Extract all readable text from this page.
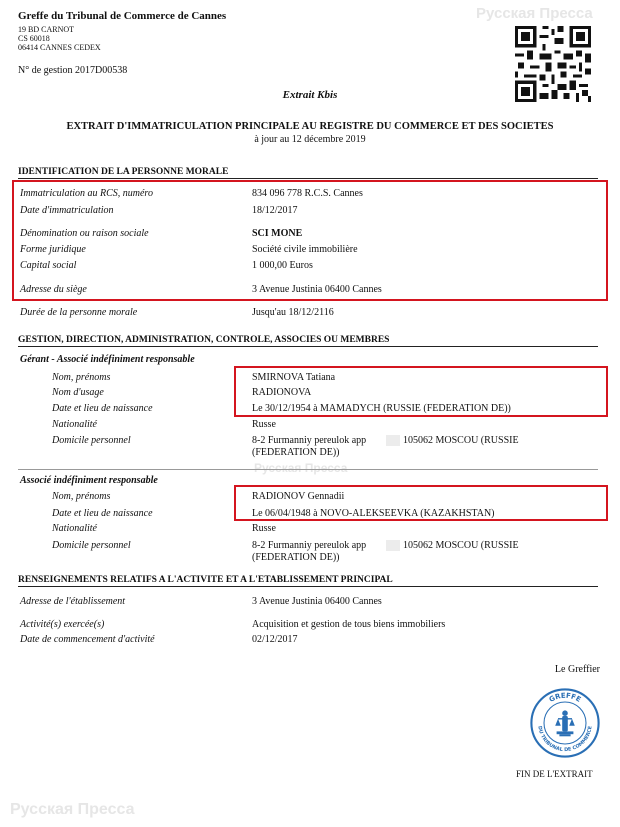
Greffe du Tribunal de Commerce de Cannes
19 BD CARNOT
CS 60018
06414 CANNES CEDEX
N° de gestion 2017D00538
Русская Пресса
Extrait Kbis
EXTRAIT D'IMMATRICULATION PRINCIPALE AU REGISTRE DU COMMERCE ET DES SOCIETES
à jour au 12 décembre 2019
IDENTIFICATION DE LA PERSONNE MORALE
Immatriculation au RCS, numéro	834 096 778 R.C.S. Cannes
Date d'immatriculation	18/12/2017
Dénomination ou raison sociale	SCI MONE
Forme juridique	Société civile immobilière
Capital social	1 000,00 Euros
Adresse du siège	3 Avenue Justinia 06400 Cannes
Durée de la personne morale	Jusqu'au 18/12/2116
GESTION, DIRECTION, ADMINISTRATION, CONTROLE, ASSOCIES OU MEMBRES
Gérant - Associé indéfiniment responsable
Nom, prénoms	SMIRNOVA Tatiana
Nom d'usage	RADIONOVA
Date et lieu de naissance	Le 30/12/1954 à MAMADYCH (RUSSIE (FEDERATION DE))
Nationalité	Russe
Domicile personnel	8-2 Furmanniy pereulok app	105062 MOSCOU (RUSSIE
(FEDERATION DE))
Русская Пресса
Associé indéfiniment responsable
Nom, prénoms	RADIONOV Gennadii
Date et lieu de naissance	Le 06/04/1948 à NOVO-ALEKSEEVKA (KAZAKHSTAN)
Nationalité	Russe
Domicile personnel	8-2 Furmanniy pereulok app	105062 MOSCOU (RUSSIE
(FEDERATION DE))
RENSEIGNEMENTS RELATIFS A L'ACTIVITE ET A L'ETABLISSEMENT PRINCIPAL
Adresse de l'établissement	3 Avenue Justinia 06400 Cannes
Activité(s) exercée(s)	Acquisition et gestion de tous biens immobiliers
Date de commencement d'activité	02/12/2017
Le Greffier
GREFFE
DU TRIBUNAL DE COMMERCE
FIN DE L'EXTRAIT
Русская Пресса
